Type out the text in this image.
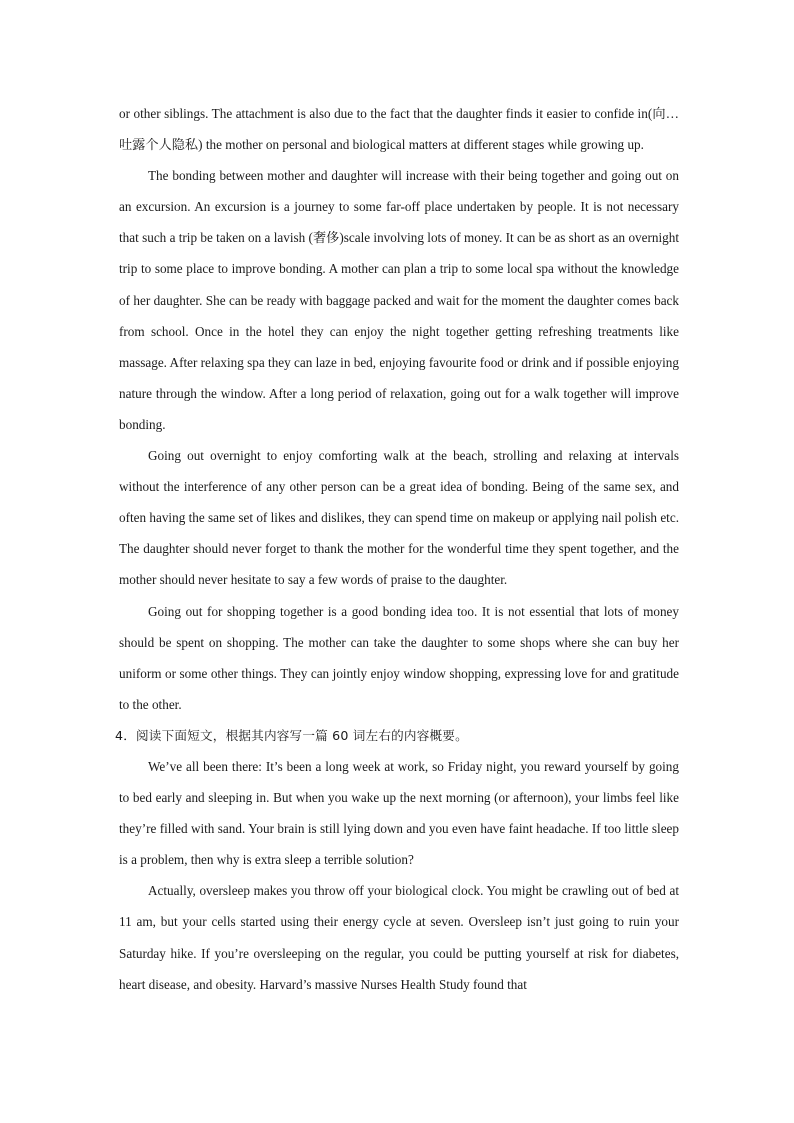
or other siblings. The attachment is also due to the fact that the daughter finds it easier to confide in(向…吐露个人隐私) the mother on personal and biological matters at different stages while growing up.

The bonding between mother and daughter will increase with their being together and going out on an excursion. An excursion is a journey to some far-off place undertaken by people. It is not necessary that such a trip be taken on a lavish (奢侈)scale involving lots of money. It can be as short as an overnight trip to some place to improve bonding. A mother can plan a trip to some local spa without the knowledge of her daughter. She can be ready with baggage packed and wait for the moment the daughter comes back from school. Once in the hotel they can enjoy the night together getting refreshing treatments like massage. After relaxing spa they can laze in bed, enjoying favourite food or drink and if possible enjoying nature through the window. After a long period of relaxation, going out for a walk together will improve bonding.

Going out overnight to enjoy comforting walk at the beach, strolling and relaxing at intervals without the interference of any other person can be a great idea of bonding. Being of the same sex, and often having the same set of likes and dislikes, they can spend time on makeup or applying nail polish etc. The daughter should never forget to thank the mother for the wonderful time they spent together, and the mother should never hesitate to say a few words of praise to the daughter.

Going out for shopping together is a good bonding idea too. It is not essential that lots of money should be spent on shopping. The mother can take the daughter to some shops where she can buy her uniform or some other things. They can jointly enjoy window shopping, expressing love for and gratitude to the other.

4．阅读下面短文，根据其内容写一篇 60 词左右的内容概要。

We’ve all been there: It’s been a long week at work, so Friday night, you reward yourself by going to bed early and sleeping in. But when you wake up the next morning (or afternoon), your limbs feel like they’re filled with sand. Your brain is still lying down and you even have faint headache. If too little sleep is a problem, then why is extra sleep a terrible solution?

Actually, oversleep makes you throw off your biological clock. You might be crawling out of bed at 11 am, but your cells started using their energy cycle at seven. Oversleep isn’t just going to ruin your Saturday hike. If you’re oversleeping on the regular, you could be putting yourself at risk for diabetes, heart disease, and obesity. Harvard’s massive Nurses Health Study found that
